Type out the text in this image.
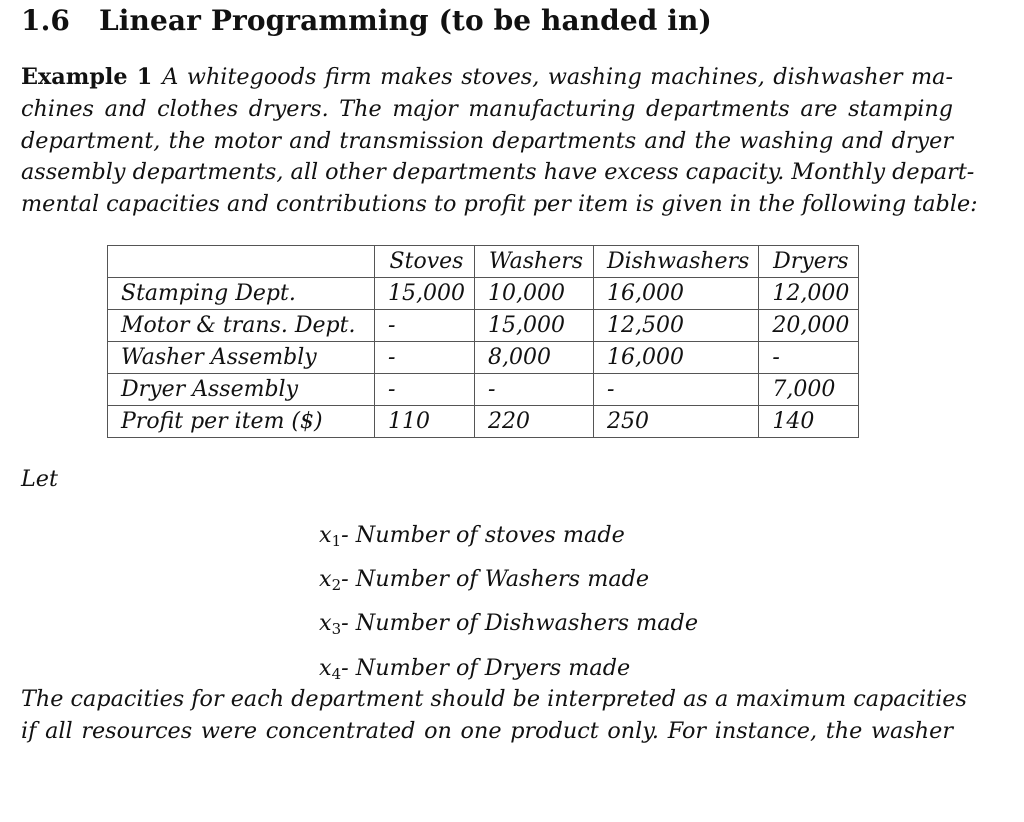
1.6 Linear Programming (to be handed in)
Example 1 A whitegoods firm makes stoves, washing machines, dishwasher ma-
chines and clothes dryers. The major manufacturing departments are stamping
department, the motor and transmission departments and the washing and dryer
assembly departments, all other departments have excess capacity. Monthly depart-
mental capacities and contributions to profit per item is given in the following table:
	Stoves	Washers	Dishwashers	Dryers
Stamping Dept.	15,000	10,000	16,000	12,000
Motor & trans. Dept.	-	15,000	12,500	20,000
Washer Assembly	-	8,000	16,000	-
Dryer Assembly	-	-	-	7,000
Profit per item ($)	110	220	250	140

Let

$x_1-$ Number of stoves made
$x_2-$ Number of Washers made
$x_3-$ Number of Dishwashers made
$x_4-$ Number of Dryers made
The capacities for each department should be interpreted as a maximum capacities
if all resources were concentrated on one product only. For instance, the washer
